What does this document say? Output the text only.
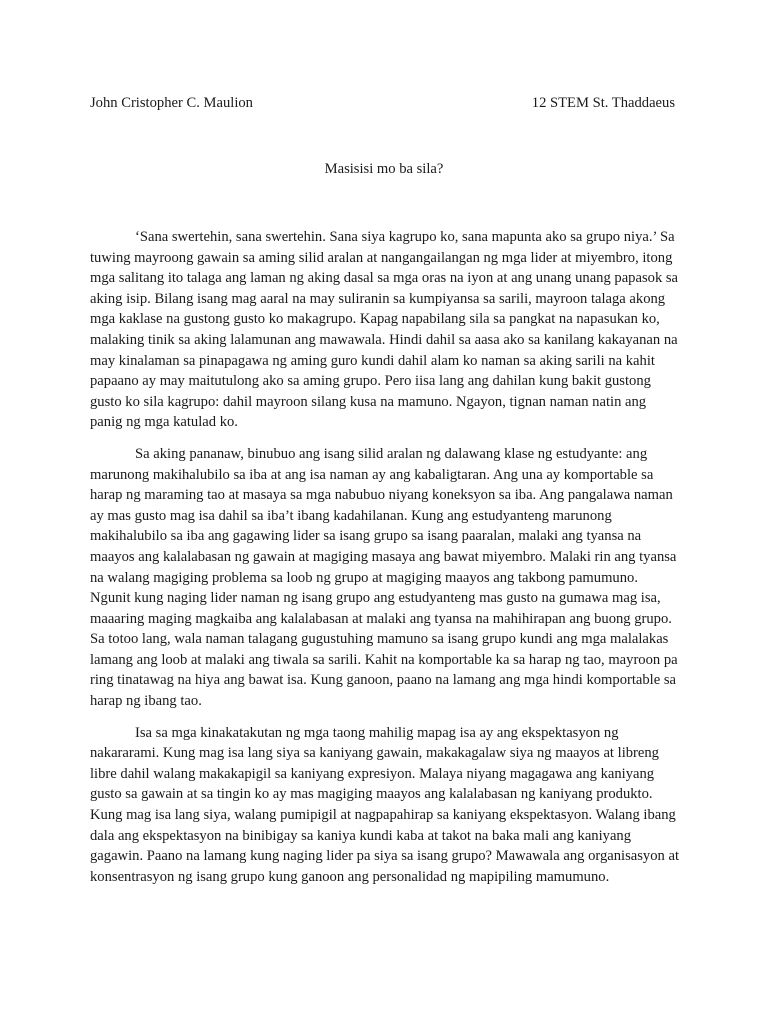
John Cristopher C. Maulion	12 STEM St. Thaddaeus
Masisisi mo ba sila?

‘Sana swertehin, sana swertehin. Sana siya kagrupo ko, sana mapunta ako sa grupo niya.’ Sa tuwing mayroong gawain sa aming silid aralan at nangangailangan ng mga lider at miyembro, itong mga salitang ito talaga ang laman ng aking dasal sa mga oras na iyon at ang unang unang papasok sa aking isip. Bilang isang mag aaral na may suliranin sa kumpiyansa sa sarili, mayroon talaga akong mga kaklase na gustong gusto ko makagrupo. Kapag napabilang sila sa pangkat na napasukan ko, malaking tinik sa aking lalamunan ang mawawala. Hindi dahil sa aasa ako sa kanilang kakayanan na may kinalaman sa pinapagawa ng aming guro kundi dahil alam ko naman sa aking sarili na kahit papaano ay may maitutulong ako sa aming grupo. Pero iisa lang ang dahilan kung bakit gustong gusto ko sila kagrupo: dahil mayroon silang kusa na mamuno. Ngayon, tignan naman natin ang panig ng mga katulad ko.

Sa aking pananaw, binubuo ang isang silid aralan ng dalawang klase ng estudyante: ang marunong makihalubilo sa iba at ang isa naman ay ang kabaligtaran. Ang una ay komportable sa harap ng maraming tao at masaya sa mga nabubuo niyang koneksyon sa iba. Ang pangalawa naman ay mas gusto mag isa dahil sa iba’t ibang kadahilanan. Kung ang estudyanteng marunong makihalubilo sa iba ang gagawing lider sa isang grupo sa isang paaralan, malaki ang tyansa na maayos ang kalalabasan ng gawain at magiging masaya ang bawat miyembro. Malaki rin ang tyansa na walang magiging problema sa loob ng grupo at magiging maayos ang takbong pamumuno. Ngunit kung naging lider naman ng isang grupo ang estudyanteng mas gusto na gumawa mag isa, maaaring maging magkaiba ang kalalabasan at malaki ang tyansa na mahihirapan ang buong grupo. Sa totoo lang, wala naman talagang gugustuhing mamuno sa isang grupo kundi ang mga malalakas lamang ang loob at malaki ang tiwala sa sarili. Kahit na komportable ka sa harap ng tao, mayroon pa ring tinatawag na hiya ang bawat isa. Kung ganoon, paano na lamang ang mga hindi komportable sa harap ng ibang tao.

Isa sa mga kinakatakutan ng mga taong mahilig mapag isa ay ang ekspektasyon ng nakararami. Kung mag isa lang siya sa kaniyang gawain, makakagalaw siya ng maayos at libreng libre dahil walang makakapigil sa kaniyang expresiyon. Malaya niyang magagawa ang kaniyang gusto sa gawain at sa tingin ko ay mas magiging maayos ang kalalabasan ng kaniyang produkto. Kung mag isa lang siya, walang pumipigil at nagpapahirap sa kaniyang ekspektasyon. Walang ibang dala ang ekspektasyon na binibigay sa kaniya kundi kaba at takot na baka mali ang kaniyang gagawin. Paano na lamang kung naging lider pa siya sa isang grupo? Mawawala ang organisasyon at konsentrasyon ng isang grupo kung ganoon ang personalidad ng mapipiling mamumuno.
